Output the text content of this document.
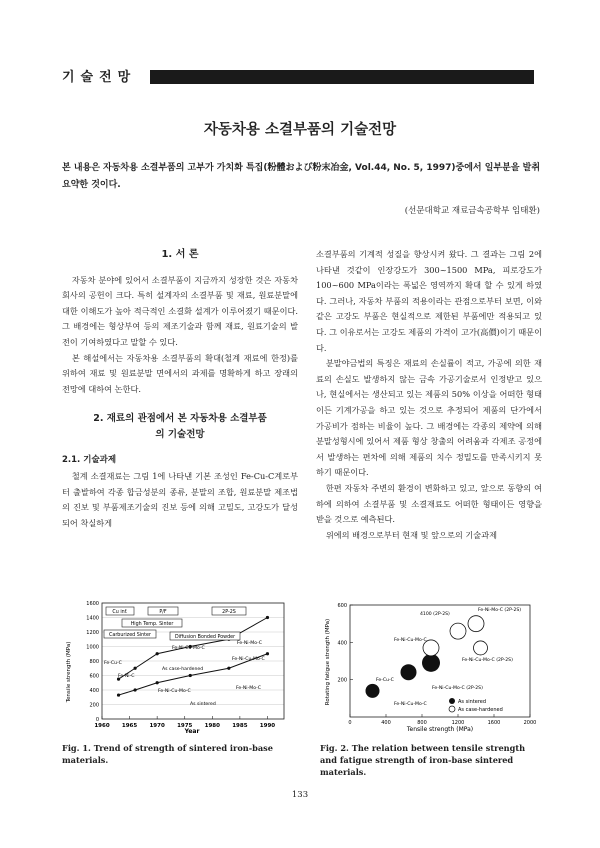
기술전망
자동차용 소결부품의 기술전망
본 내용은 자동차용 소결부품의 고부가 가치화 특집(粉體および粉末冶金, Vol.44, No. 5, 1997)중에서 일부분을 발취 요약한 것이다.
(선문대학교 재료금속공학부 임태환)
1. 서 론

자동차 분야에 있어서 소결부품이 지금까지 성장한 것은 자동차회사의 공헌이 크다. 특히 설계자의 소결부품 및 재료, 원료분말에 대한 이해도가 높아 적극적인 소결화 설계가 이루어졌기 때문이다. 그 배경에는 형상부여 등의 제조기술과 함께 재료, 원료기술의 발전이 기여하였다고 말할 수 있다.

본 해설에서는 자동차용 소결부품의 확대(철계 재료에 한정)를 위하여 재료 및 원료분말 면에서의 과제를 명확하게 하고 장래의 전망에 대하여 논한다.

2. 재료의 관점에서 본 자동차용 소결부품
의 기술전망
2.1. 기술과제

철계 소결재료는 그림 1에 나타낸 기본 조성인 Fe-Cu-C계로부터 출발하여 각종 합금성분의 종류, 분말의 조합, 원료분말 제조법의 진보 및 부품제조기술의 진보 등에 의해 고밀도, 고강도가 달성되어 착실하게

소결부품의 기계적 성질을 향상시켜 왔다. 그 결과는 그림 2에 나타낸 것같이 인장강도가 300~1500 MPa, 피로강도가 100~600 MPa이라는 폭넓은 영역까지 확대 할 수 있게 하였다. 그러나, 자동차 부품의 적용이라는 관점으로부터 보면, 이와 같은 고강도 부품은 현실적으로 제한된 부품에만 적용되고 있다. 그 이유로서는 고강도 제품의 가격이 고가(高價)이기 때문이다.

분말야금법의 특징은 재료의 손실률이 적고, 가공에 의한 재료의 손실도 발생하지 않는 금속 가공기술로서 인정받고 있으나, 현실에서는 생산되고 있는 제품의 50% 이상을 어떠한 형태이든 기계가공을 하고 있는 것으로 추정되어 제품의 단가에서 가공비가 점하는 비율이 높다. 그 배경에는 각종의 제약에 의해 분말성형시에 있어서 제품 형상 창출의 어려움과 각제조 공정에서 발생하는 편차에 의해 제품의 치수 정밀도를 만족시키지 못하기 때문이다.

한편 자동차 주변의 환경이 변화하고 있고, 앞으로 동향의 여하에 의하여 소결부품 및 소결재료도 어떠한 형태이든 영향을 받을 것으로 예측된다.

위에의 배경으로부터 현재 및 앞으로의 기술과제

0
200
400
600
800
1000
1200
1400
1600
1960 1965 1970 1975 1980 1985 1990
Cu inf.	P/F	2P-2S
High Temp. Sinter
Carburized Sinter	Diffusion Bonded Powder
Fe-Ni-Cu-Mo-C
Fe-Ni-Mo-C
Fe-Cu-C
As case-hardened
Fe-Ni-C
Fe-Ni-Cu-Mo-C
Fe-Ni-Cu-Mo-C
As sintered
Fe-Ni-Mo-C
Tensile strength (MPa)
Year
Fig. 1. Trend of strength of sintered iron-base materials.
0	400	800	1200	1600	2000
200
400
600
4100 (2P-2S)
Fe-Ni-Mo-C (2P-2S)
Fe-Ni-Cu-Mo-C
Fe-Cu-C
Fe-Ni-Cu-Mo-C (2P-2S)
Fe-Ni-Cu-Mo-C (2P-2S)
Fe-Ni-Cu-Mo-C	As sintered
As case-hardened
Rotating fatigue strength (MPa)
Tensile strength (MPa)
Fig. 2. The relation between tensile strength and fatigue strength of iron-base sintered materials.
133
